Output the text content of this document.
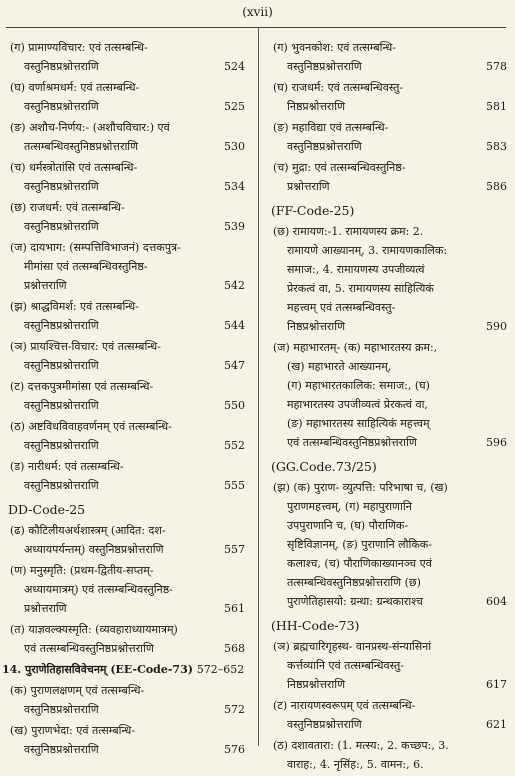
(xvii)
(ग) प्रामाण्यविचार: एवं तत्सम्बन्धि-
वस्तुनिष्ठप्रश्नोत्तराणि	524
(घ) वर्णाश्रमधर्म: एवं तत्सम्बन्धि-
वस्तुनिष्ठप्रश्नोत्तराणि	525
(ङ) अशौच-निर्णय:- (अशौचविचार:) एवं
तत्सम्बन्धिवस्तुनिष्ठप्रश्नोत्तराणि	530
(च) धर्मस्त्रोतांसि एवं तत्सम्बन्धि-
वस्तुनिष्ठप्रश्नोत्तराणि	534
(छ) राजधर्म: एवं तत्सम्बन्धि-
वस्तुनिष्ठप्रश्नोत्तराणि	539
(ज) दायभाग: (सम्पत्तिविभाजनं) दत्तकपुत्र-
मीमांसा एवं तत्सम्बन्धिवस्तुनिष्ठ-
प्रश्नोत्तराणि	542
(झ) श्राद्धविमर्श: एवं तत्सम्बन्धि-
वस्तुनिष्ठप्रश्नोत्तराणि	544
(ञ) प्रायश्चित्त-विचार: एवं तत्सम्बन्धि-
वस्तुनिष्ठप्रश्नोत्तराणि	547
(ट) दत्तकपुत्रमीमांसा एवं तत्सम्बन्धि-
वस्तुनिष्ठप्रश्नोत्तराणि	550
(ठ) अष्टविधविवाहवर्णनम् एवं तत्सम्बन्धि-
वस्तुनिष्ठप्रश्नोत्तराणि	552
(ड) नारीधर्म: एवं तत्सम्बन्धि-
वस्तुनिष्ठप्रश्नोत्तराणि	555
DD-Code-25
(ढ) कौटिलीयअर्थशास्त्रम् (आदित: दश-
अध्यायपर्यन्तम्) वस्तुनिष्ठप्रश्नोत्तराणि	557
(ण) मनुस्मृति: (प्रथम-द्वितीय-सप्तम्-
अध्यायमात्रम्) एवं तत्सम्बन्धिवस्तुनिष्ठ-
प्रश्नोत्तराणि	561
(त) याज्ञवल्क्यस्मृति: (व्यवहाराध्यायमात्रम्)
एवं तत्सम्बन्धिवस्तुनिष्ठप्रश्नोत्तराणि	568
14. पुराणेतिहासविवेचनम् (EE-Code-73) 572–652
(क) पुराणलक्षणम् एवं तत्सम्बन्धि-
वस्तुनिष्ठप्रश्नोत्तराणि	572
(ख) पुराणभेदा: एवं तत्सम्बन्धि-
वस्तुनिष्ठप्रश्नोत्तराणि	576
(ग) भुवनकोश: एवं तत्सम्बन्धि-
वस्तुनिष्ठप्रश्नोत्तराणि	578
(घ) राजधर्म: एवं तत्सम्बन्धिवस्तु-
निष्ठप्रश्नोत्तराणि	581
(ङ) महाविद्या एवं तत्सम्बन्धि-
वस्तुनिष्ठप्रश्नोत्तराणि	583
(च) मुद्रा: एवं तत्सम्बन्धिवस्तुनिष्ठ-
प्रश्नोत्तराणि	586
(FF-Code-25)
(छ) रामायण:-1. रामायणस्य क्रम: 2.
रामायणे आख्यानम्, 3. रामायणकालिक:
समाज:, 4. रामायणस्य उपजीव्यत्वं
प्रेरकत्वं वा, 5. रामायणस्य साहित्यिकं
महत्त्वम् एवं तत्सम्बन्धिवस्तु-
निष्ठप्रश्नोत्तराणि	590
(ज) महाभारतम्- (क) महाभारतस्य क्रम:,
(ख) महाभारते आख्यानम्,
(ग) महाभारतकालिक: समाज:, (घ)
महाभारतस्य उपजीव्यत्वं प्रेरकत्वं वा,
(ङ) महाभारतस्य साहित्यिकं महत्त्वम्
एवं तत्सम्बन्धिवस्तुनिष्ठप्रश्नोत्तराणि	596
(GG.Code.73/25)
(झ) (क) पुराण- व्युत्पत्ति: परिभाषा च, (ख)
पुराणमहत्त्वम्, (ग) महापुराणानि
उपपुराणानि च, (घ) पौराणिक-
सृष्टिविज्ञानम्, (ङ) पुराणानि लौकिक-
कलाश्च, (च) पौराणिकाख्यानञ्च एवं
तत्सम्बन्धिवस्तुनिष्ठप्रश्नोत्तराणि (छ)
पुराणेतिहासयो: ग्रन्था: ग्रन्थकाराश्च	604
(HH-Code-73)
(ञ) ब्रह्मचारिगृहस्थ- वानप्रस्थ-संन्यासिनां
कर्त्तव्यानि एवं तत्सम्बन्धिवस्तु-
निष्ठप्रश्नोत्तराणि	617
(ट) नारायणस्वरूपम् एवं तत्सम्बन्धि-
वस्तुनिष्ठप्रश्नोत्तराणि	621
(ठ) दशावतारा: (1. मत्स्य:, 2. कच्छप:, 3.
वाराह:, 4. नृसिंह:, 5. वामन:, 6.
